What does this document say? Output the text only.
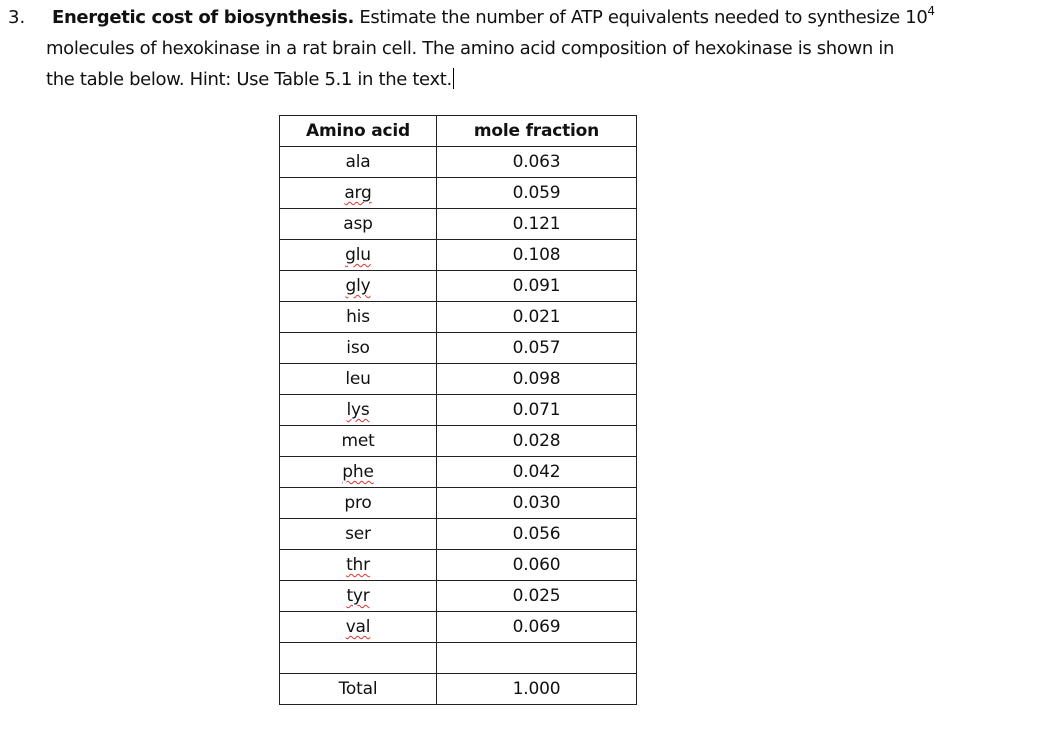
3. Energetic cost of biosynthesis. Estimate the number of ATP equivalents needed to synthesize $10^4$
molecules of hexokinase in a rat brain cell. The amino acid composition of hexokinase is shown in
the table below. Hint: Use Table 5.1 in the text.
Amino acid	mole fraction
ala	0.063
arg	0.059
asp	0.121
glu	0.108
gly	0.091
his	0.021
iso	0.057
leu	0.098
lys	0.071
met	0.028
phe	0.042
pro	0.030
ser	0.056
thr	0.060
tyr	0.025
val	0.069

Total	1.000
